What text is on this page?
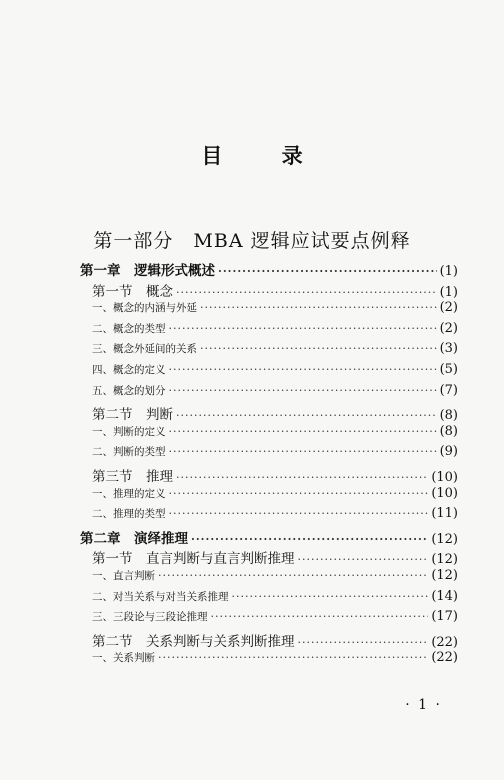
目 录
第一部分　MBA 逻辑应试要点例释
第一章　逻辑形式概述 ·····	(1)
第一节　概念 ·····	(1)
一、概念的内涵与外延 ·····	(2)
二、概念的类型 ·····	(2)
三、概念外延间的关系 ·····	(3)
四、概念的定义 ·····	(5)
五、概念的划分 ·····	(7)
第二节　判断 ·····	(8)
一、判断的定义 ·····	(8)
二、判断的类型 ·····	(9)
第三节　推理 ·····	(10)
一、推理的定义 ·····	(10)
二、推理的类型 ·····	(11)
第二章　演绎推理 ·····	(12)
第一节　直言判断与直言判断推理 ·····	(12)
一、直言判断 ·····	(12)
二、对当关系与对当关系推理 ·····	(14)
三、三段论与三段论推理 ·····	(17)
第二节　关系判断与关系判断推理 ·····	(22)
一、关系判断 ·····	(22)
· 1 ·
